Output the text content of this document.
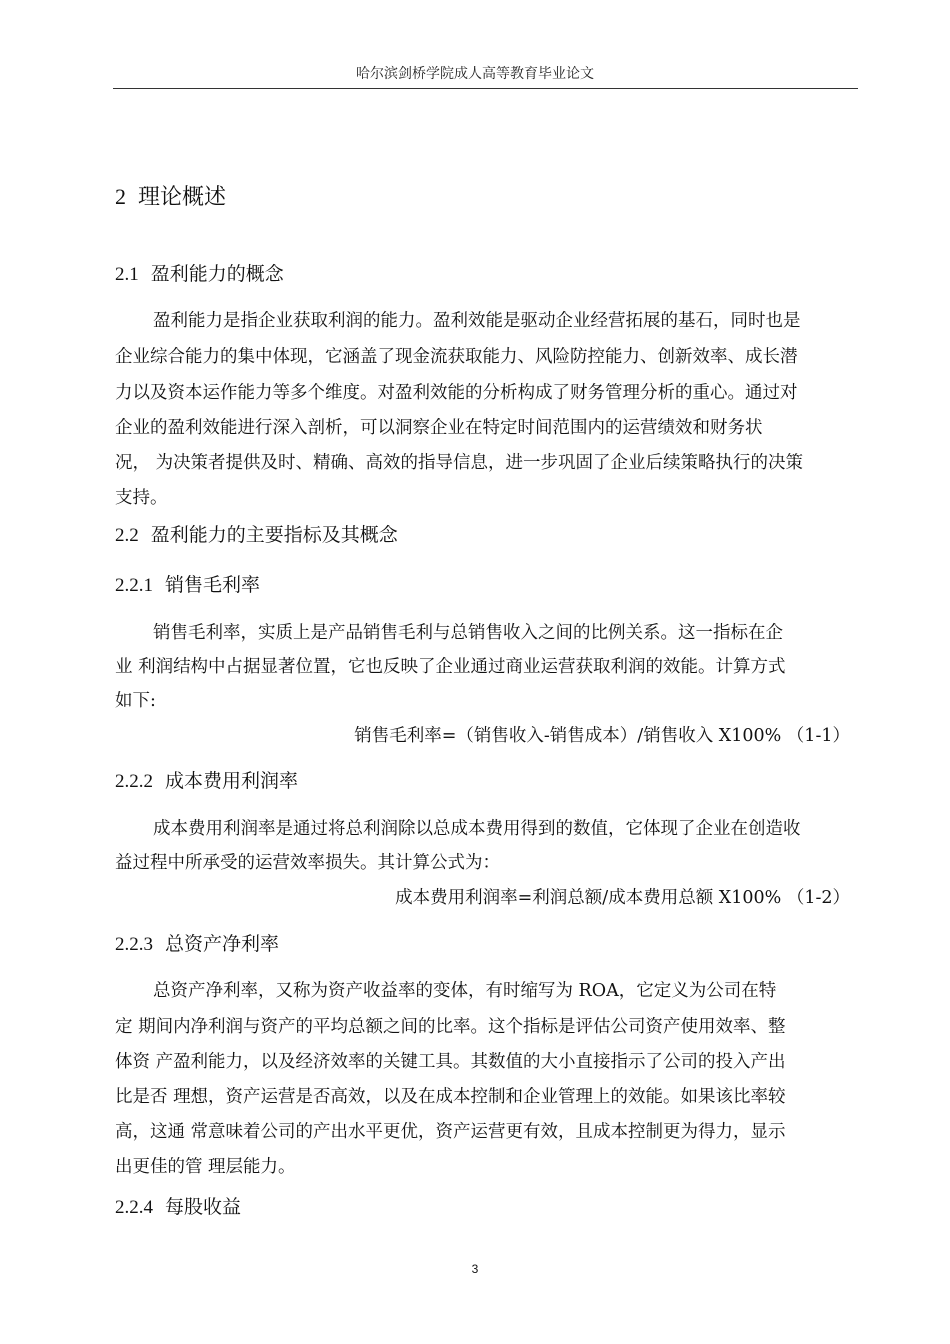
哈尔滨剑桥学院成人高等教育毕业论文
2 理论概述
2.1 盈利能力的概念
盈利能力是指企业获取利润的能力。盈利效能是驱动企业经营拓展的基石，同时也是
企业综合能力的集中体现，它涵盖了现金流获取能力、风险防控能力、创新效率、成长潜
力以及资本运作能力等多个维度。对盈利效能的分析构成了财务管理分析的重心。通过对
企业的盈利效能进行深入剖析，可以洞察企业在特定时间范围内的运营绩效和财务状
况， 为决策者提供及时、精确、高效的指导信息，进一步巩固了企业后续策略执行的决策
支持。
2.2 盈利能力的主要指标及其概念
2.2.1 销售毛利率
销售毛利率，实质上是产品销售毛利与总销售收入之间的比例关系。这一指标在企
业 利润结构中占据显著位置，它也反映了企业通过商业运营获取利润的效能。计算方式
如下:
销售毛利率=（销售收入-销售成本）/销售收入 X100% （1-1）
2.2.2 成本费用利润率
成本费用利润率是通过将总利润除以总成本费用得到的数值，它体现了企业在创造收
益过程中所承受的运营效率损失。其计算公式为：
成本费用利润率=利润总额/成本费用总额 X100% （1-2）
2.2.3 总资产净利率
总资产净利率，又称为资产收益率的变体，有时缩写为 ROA，它定义为公司在特
定 期间内净利润与资产的平均总额之间的比率。这个指标是评估公司资产使用效率、整
体资 产盈利能力，以及经济效率的关键工具。其数值的大小直接指示了公司的投入产出
比是否 理想，资产运营是否高效，以及在成本控制和企业管理上的效能。如果该比率较
高，这通 常意味着公司的产出水平更优，资产运营更有效，且成本控制更为得力，显示
出更佳的管 理层能力。
2.2.4 每股收益
3
